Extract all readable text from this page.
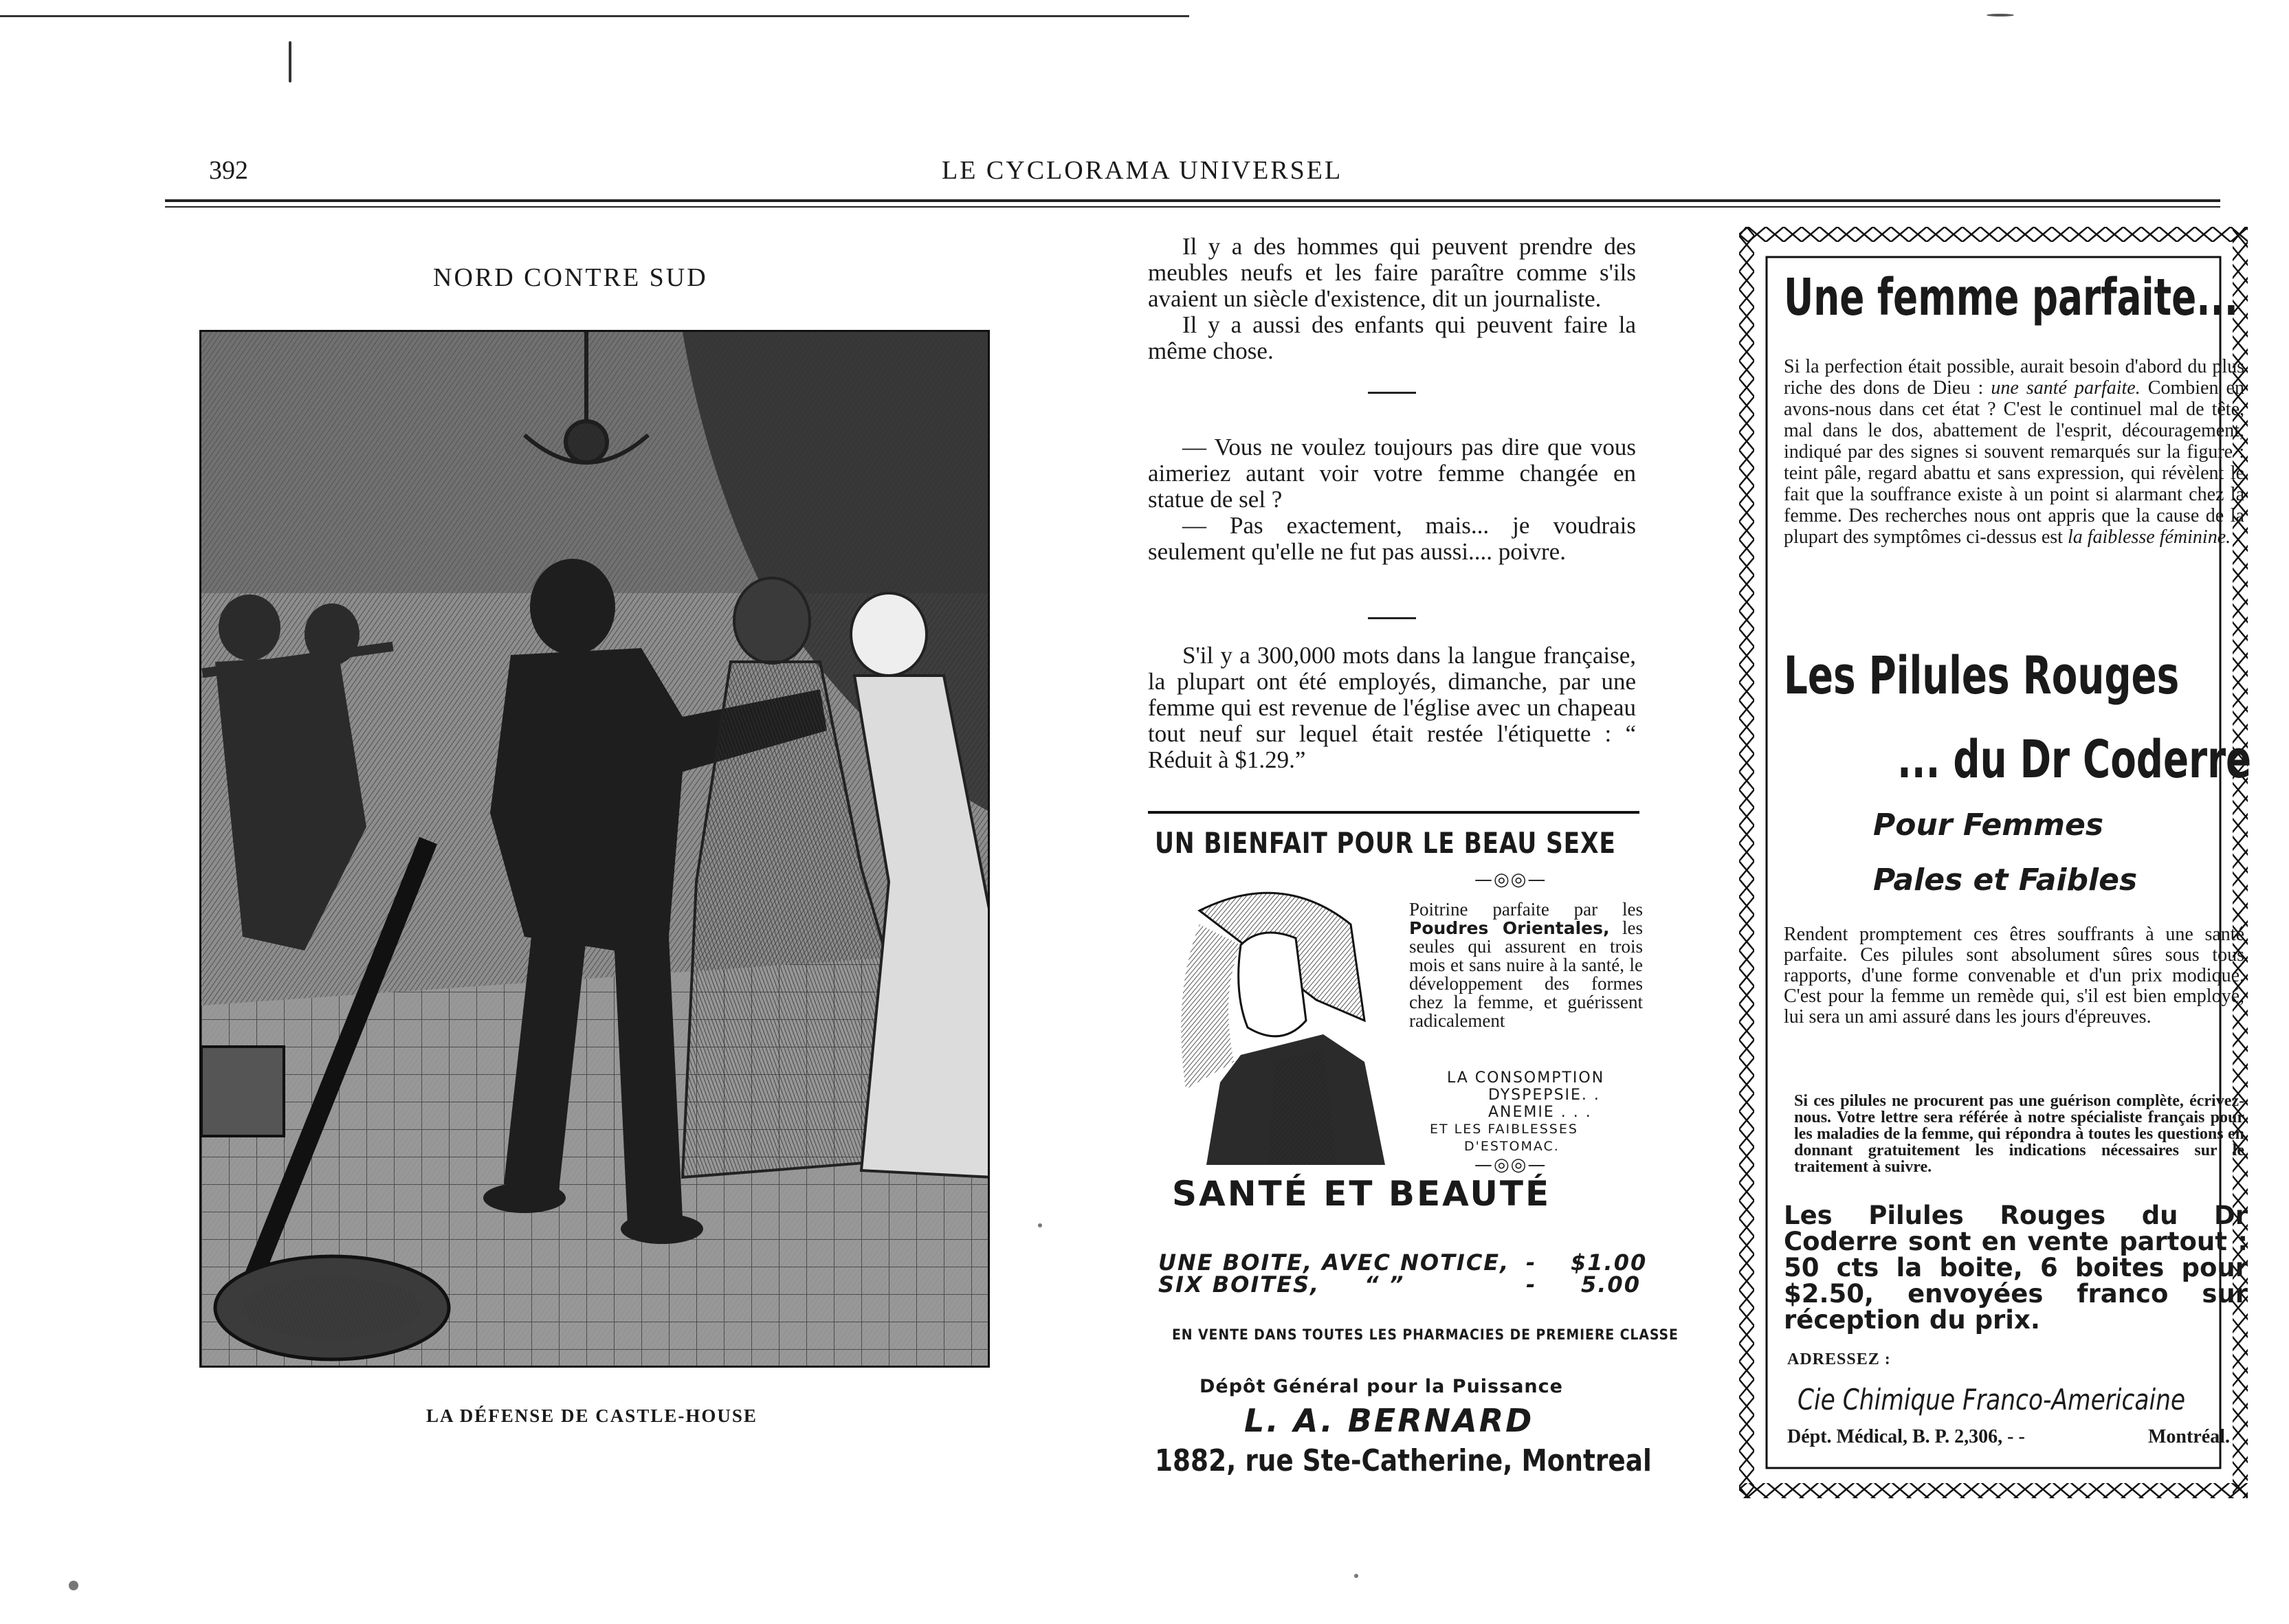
392	LE CYCLORAMA UNIVERSEL
NORD CONTRE SUD
LA DÉFENSE DE CASTLE-HOUSE

Il y a des hommes qui peuvent prendre des meubles neufs et les faire paraître comme s'ils avaient un siècle d'existence, dit un journaliste.

Il y a aussi des enfants qui peuvent faire la même chose.

— Vous ne voulez toujours pas dire que vous aimeriez autant voir votre femme changée en statue de sel ?

— Pas exactement, mais... je voudrais seulement qu'elle ne fut pas aussi.... poivre.

S'il y a 300,000 mots dans la langue française, la plupart ont été employés, dimanche, par une femme qui est revenue de l'église avec un chapeau tout neuf sur lequel était restée l'étiquette : “ Réduit à $1.29.”

UN BIENFAIT POUR LE BEAU SEXE
—◎◎—
Poitrine parfaite par les Poudres Orientales, les seules qui assurent en trois mois et sans nuire à la santé, le développement des formes chez la femme, et guérissent radicalement
LA CONSOMPTION
DYSPEPSIE. .
ANEMIE . . .
ET LES FAIBLESSES
D'ESTOMAC.
—◎◎—
SANTÉ ET BEAUTÉ
UNE BOITE, AVEC NOTICE, - $1.00
SIX BOITES, “ ”	- 5.00
EN VENTE DANS TOUTES LES PHARMACIES DE PREMIERE CLASSE
Dépôt Général pour la Puissance
L. A. BERNARD
1882, rue Ste-Catherine, Montreal
Une femme parfaite...
Si la perfection était possible, aurait besoin d'abord du plus riche des dons de Dieu : une santé parfaite. Combien en avons-nous dans cet état ? C'est le continuel mal de tête, mal dans le dos, abattement de l'esprit, découragement, indiqué par des signes si souvent remarqués sur la figure : teint pâle, regard abattu et sans expression, qui révèlent le fait que la souffrance existe à un point si alarmant chez la femme. Des recherches nous ont appris que la cause de la plupart des symptômes ci-dessus est la faiblesse féminine.
Les Pilules Rouges
... du Dr Coderre
Pour Femmes
Pales et Faibles
Rendent promptement ces êtres souffrants à une santé parfaite. Ces pilules sont absolument sûres sous tous rapports, d'une forme convenable et d'un prix modique. C'est pour la femme un remède qui, s'il est bien employé, lui sera un ami assuré dans les jours d'épreuves.
Si ces pilules ne procurent pas une guérison complète, écrivez-nous. Votre lettre sera référée à notre spécialiste français pour les maladies de la femme, qui répondra à toutes les questions en donnant gratuitement les indications nécessaires sur le traitement à suivre.
Les Pilules Rouges du Dr Coderre sont en vente partout : 50 cts la boite, 6 boites pour $2.50, envoyées franco sur réception du prix.
ADRESSEZ :
Cie Chimique Franco-Americaine
Dépt. Médical, B. P. 2,306, - -	Montréal.
